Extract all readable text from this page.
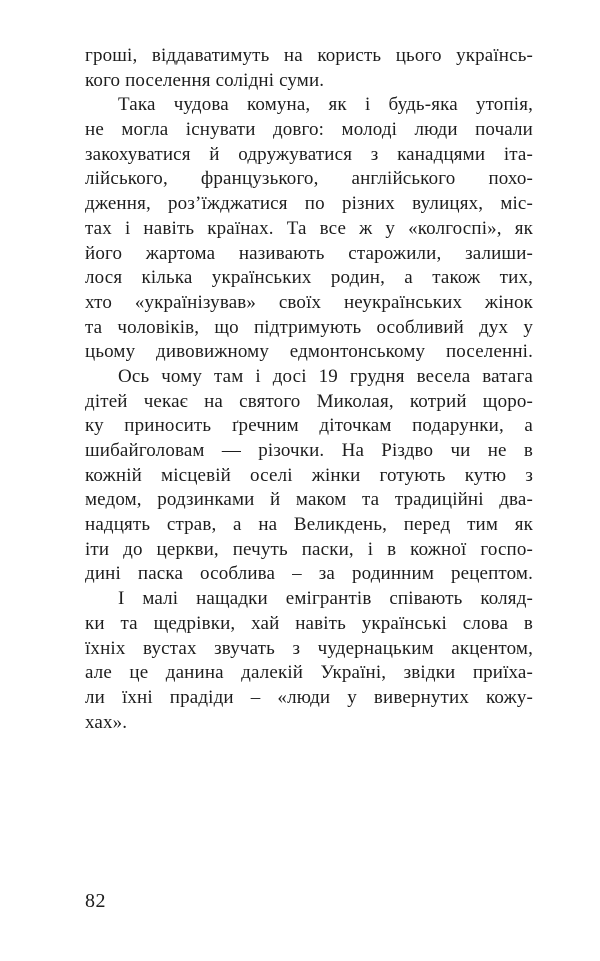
гроші, віддаватимуть на користь цього українсь-
кого поселення солідні суми.
Така чудова комуна, як і будь-яка утопія,
не могла існувати довго: молоді люди почали
закохуватися й одружуватися з канадцями іта-
лійського, французького, англійського похо-
дження, розʼїжджатися по різних вулицях, міс-
тах і навіть країнах. Та все ж у «колгоспі», як
його жартома називають старожили, залиши-
лося кілька українських родин, а також тих,
хто «українізував» своїх неукраїнських жінок
та чоловіків, що підтримують особливий дух у
цьому дивовижному едмонтонському поселенні.
Ось чому там і досі 19 грудня весела ватага
дітей чекає на святого Миколая, котрий щоро-
ку приносить ґречним діточкам подарунки, а
шибайголовам — різочки. На Різдво чи не в
кожній місцевій оселі жінки готують кутю з
медом, родзинками й маком та традиційні два-
надцять страв, а на Великдень, перед тим як
іти до церкви, печуть паски, і в кожної госпо-
дині паска особлива – за родинним рецептом.
І малі нащадки емігрантів співають коляд-
ки та щедрівки, хай навіть українські слова в
їхніх вустах звучать з чудернацьким акцентом,
але це данина далекій Україні, звідки приїха-
ли їхні прадіди – «люди у вивернутих кожу-
хах».
82
